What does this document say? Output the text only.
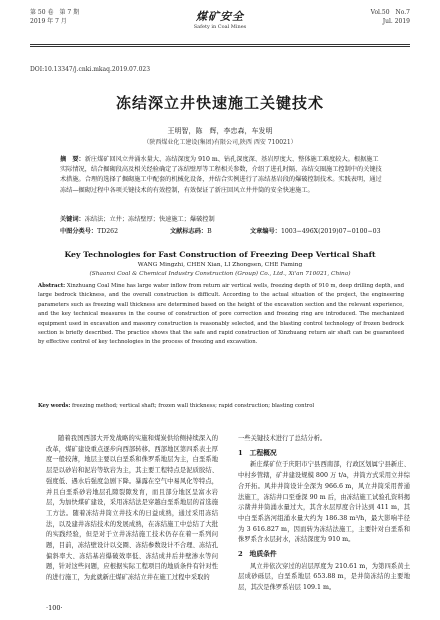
第 50 卷　第 7 期
2019 年 7 月	煤矿安全
Safety in Coal Mines
Vol.50　No.7
Jul. 2019
DOI:10.13347/j.cnki.mkaq.2019.07.023
冻结深立井快速施工关键技术
王明智，陈　辉，李忠森，车发明
（陕西煤业化工建设(集团)有限公司,陕西 西安 710021）
摘　要：新庄煤矿回风立井涌水量大、冻结深度为 910 m、钻孔深度深、基岩厚度大、整体施工难度较大。根据施工实际情况，结合掘砌段高及相关经验确定了冻结壁厚等工程相关参数，介绍了进孔时隔、冻结交圈施工控制中的关键技术措施。合理的选择了掘砌施工中配套的机械化设备，并结合实例进行了冻结基岩段的爆破控制技术。实践表明，通过冻结—掘砌过程中各项关键技术的有效控制，有效保证了新庄回风立井井筒的安全快速施工。
关键词：冻结法；立井；冻结壁厚；快速施工；爆破控制
中图分类号：TD262	文献标志码：B	文章编号：1003−496X(2019)07−0100−03
Key Technologies for Fast Construction of Freezing Deep Vertical Shaft
WANG Mingzhi, CHEN Xian, LI Zhongsen, CHE Faming
(Shaanxi Coal & Chemical Industry Construction (Group) Co., Ltd., Xi'an 710021, China)
Abstract: Xinzhuang Coal Mine has large water inflow from return air vertical wells, freezing depth of 910 m, deep drilling depth, and large bedrock thickness, and the overall construction is difficult. According to the actual situation of the project, the engineering parameters such as freezing wall thickness are determined based on the height of the excavation section and the relevant experience, and the key technical measures in the course of construction of pore correction and freezing ring are introduced. The mechanized equipment used in excavation and masonry construction is reasonably selected, and the blasting control technology of frozen bedrock section is briefly described. The practice shows that the safe and rapid construction of Xinzhuang return air shaft can be guaranteed by effective control of key technologies in the process of freezing and excavation.
Key words: freezing method; vertical shaft; frozen wall thickness; rapid construction; blasting control
随着我国西部大开发战略的实施和煤炭供给侧持续深入的改革，煤矿建设重点逐步向西部转移。西部地区第四系表土厚度一般较薄，地层主要以白垩系和侏罗系地层为主，白垩系地层是以砂岩和泥岩等软岩为主，其主要工程特点是泥质胶结、强度低、遇水后强度急剧下降。暴露在空气中易风化等特点，并且白垩系砂岩地层孔隙裂隙发育，而且部分地区呈富水岩层，为加快煤矿建设，采用冻结法是穿越白垩系地层的首选施工方法。随着冻结井筒立井技术的日益成熟，通过采用冻结法，以及建井冻结技术的发展成熟，在冻结施工中总结了大批的实践经验，但是对于立井冻结施工技术仍存在着一系列问题，目前，冻结壁设计以交圈、冻结参数设计不合理、冻结孔偏斜率大、冻结基岩爆破效率低、冻结成井后井壁渗水等问题，针对这些问题，应根据实际工程项目的地质条件有针对性的进行施工，为此就新庄煤矿冻结立井在施工过程中采取的

一些关键技术进行了总结分析。

1　工程概况

新庄煤矿位于庆阳市宁县西南部，行政区划属宁县新庄、中村乡管辖，矿井建设规模 800 万 t/a，井筒方式采用立井综合开拓。风井井筒设计全深为 966.6 m，风立井筒采用普通法施工，冻结井口至垂深 90 m 后，由冻结施工试验孔资料揭示凿井井筒涌水量过大，其含水层厚度合计达到 411 m，其中白垩系洛河组涌水量大约为 186.38 m³/h，最大影响半径为 3 616.827 m，因而转为冻结法施工，主要针对白垩系和侏罗系含水层封水，冻结深度为 910 m。

2　地质条件

风立井依次穿过的岩层厚度为 210.61 m，为第四系黄土层成砂砾层，白垩系地层 653.88 m，是井筒冻结的主要地层，其次是侏罗系岩层 109.1 m。

·100·
